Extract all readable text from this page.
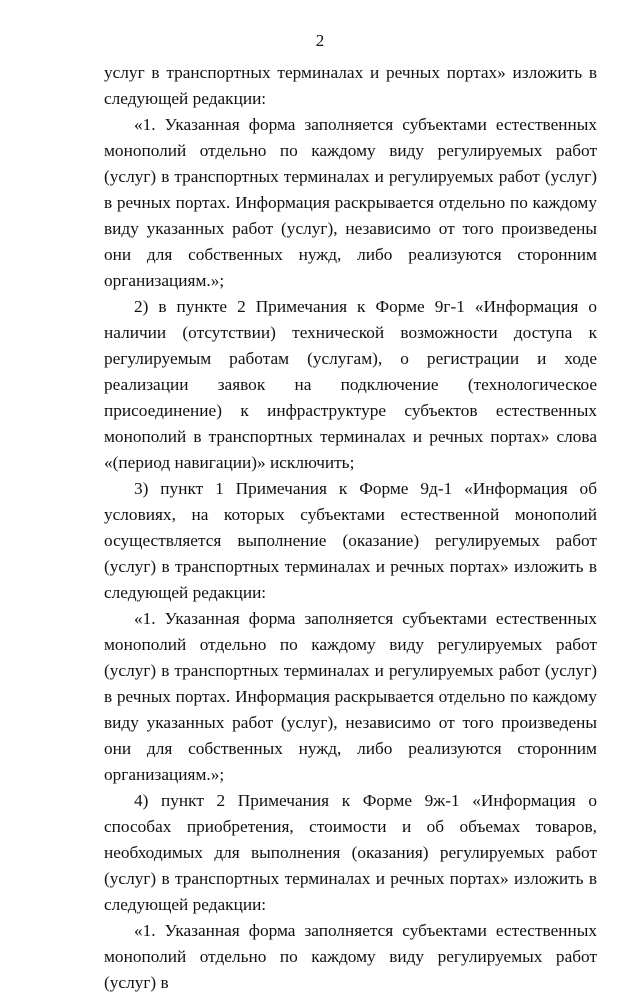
2

услуг в транспортных терминалах и речных портах» изложить в следующей редакции:

«1. Указанная форма заполняется субъектами естественных монополий отдельно по каждому виду регулируемых работ (услуг) в транспортных терминалах и регулируемых работ (услуг) в речных портах. Информация раскрывается отдельно по каждому виду указанных работ (услуг), независимо от того произведены они для собственных нужд, либо реализуются сторонним организациям.»;

2) в пункте 2 Примечания к Форме 9г-1 «Информация о наличии (отсутствии) технической возможности доступа к регулируемым работам (услугам), о регистрации и ходе реализации заявок на подключение (технологическое присоединение) к инфраструктуре субъектов естественных монополий в транспортных терминалах и речных портах» слова «(период навигации)» исключить;

3) пункт 1 Примечания к Форме 9д-1 «Информация об условиях, на которых субъектами естественной монополий осуществляется выполнение (оказание) регулируемых работ (услуг) в транспортных терминалах и речных портах» изложить в следующей редакции:

«1. Указанная форма заполняется субъектами естественных монополий отдельно по каждому виду регулируемых работ (услуг) в транспортных терминалах и регулируемых работ (услуг) в речных портах. Информация раскрывается отдельно по каждому виду указанных работ (услуг), независимо от того произведены они для собственных нужд, либо реализуются сторонним организациям.»;

4) пункт 2 Примечания к Форме 9ж-1 «Информация о способах приобретения, стоимости и об объемах товаров, необходимых для выполнения (оказания) регулируемых работ (услуг) в транспортных терминалах и речных портах» изложить в следующей редакции:

«1. Указанная форма заполняется субъектами естественных монополий отдельно по каждому виду регулируемых работ (услуг) в
